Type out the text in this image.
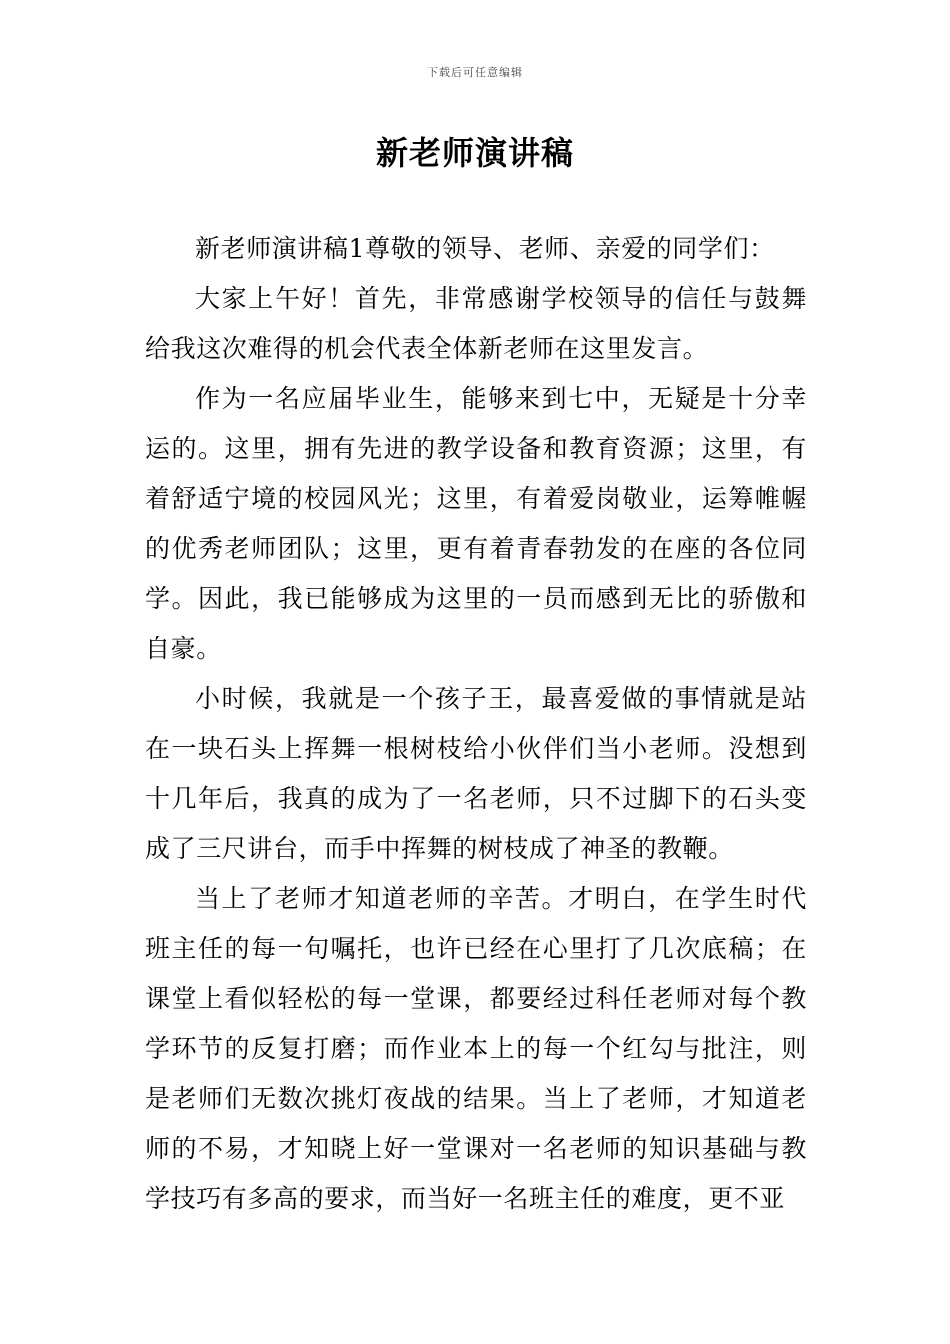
下载后可任意编辑
新老师演讲稿

新老师演讲稿1尊敬的领导、老师、亲爱的同学们：

大家上午好！首先，非常感谢学校领导的信任与鼓舞给我这次难得的机会代表全体新老师在这里发言。

作为一名应届毕业生，能够来到七中，无疑是十分幸运的。这里，拥有先进的教学设备和教育资源；这里，有着舒适宁境的校园风光；这里，有着爱岗敬业，运筹帷幄的优秀老师团队；这里，更有着青春勃发的在座的各位同学。因此，我已能够成为这里的一员而感到无比的骄傲和自豪。

小时候，我就是一个孩子王，最喜爱做的事情就是站在一块石头上挥舞一根树枝给小伙伴们当小老师。没想到十几年后，我真的成为了一名老师，只不过脚下的石头变成了三尺讲台，而手中挥舞的树枝成了神圣的教鞭。

当上了老师才知道老师的辛苦。才明白，在学生时代班主任的每一句嘱托，也许已经在心里打了几次底稿；在课堂上看似轻松的每一堂课，都要经过科任老师对每个教学环节的反复打磨；而作业本上的每一个红勾与批注，则是老师们无数次挑灯夜战的结果。当上了老师，才知道老师的不易，才知晓上好一堂课对一名老师的知识基础与教学技巧有多高的要求，而当好一名班主任的难度，更不亚
